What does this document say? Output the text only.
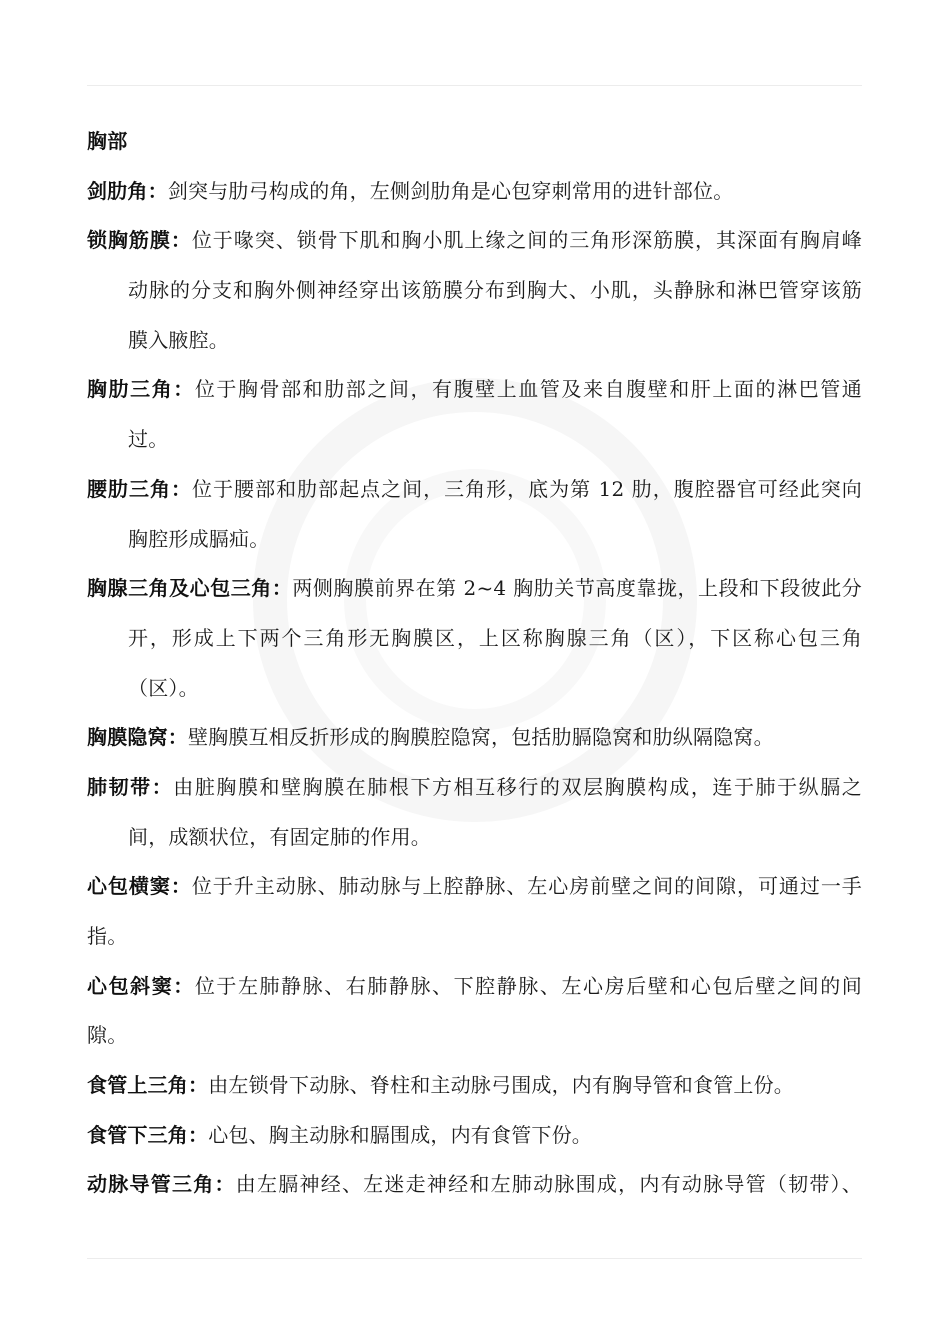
胸部
剑肋角：剑突与肋弓构成的角，左侧剑肋角是心包穿刺常用的进针部位。
锁胸筋膜：位于喙突、锁骨下肌和胸小肌上缘之间的三角形深筋膜，其深面有胸肩峰
动脉的分支和胸外侧神经穿出该筋膜分布到胸大、小肌，头静脉和淋巴管穿该筋
膜入腋腔。
胸肋三角：位于胸骨部和肋部之间，有腹壁上血管及来自腹壁和肝上面的淋巴管通
过。
腰肋三角：位于腰部和肋部起点之间，三角形，底为第 12 肋，腹腔器官可经此突向
胸腔形成膈疝。
胸腺三角及心包三角：两侧胸膜前界在第 2~4 胸肋关节高度靠拢，上段和下段彼此分
开，形成上下两个三角形无胸膜区，上区称胸腺三角（区），下区称心包三角
（区）。
胸膜隐窝：壁胸膜互相反折形成的胸膜腔隐窝，包括肋膈隐窝和肋纵隔隐窝。
肺韧带：由脏胸膜和壁胸膜在肺根下方相互移行的双层胸膜构成，连于肺于纵膈之
间，成额状位，有固定肺的作用。
心包横窦：位于升主动脉、肺动脉与上腔静脉、左心房前壁之间的间隙，可通过一手
指。
心包斜窦：位于左肺静脉、右肺静脉、下腔静脉、左心房后壁和心包后壁之间的间
隙。
食管上三角：由左锁骨下动脉、脊柱和主动脉弓围成，内有胸导管和食管上份。
食管下三角：心包、胸主动脉和膈围成，内有食管下份。
动脉导管三角：由左膈神经、左迷走神经和左肺动脉围成，内有动脉导管（韧带）、
